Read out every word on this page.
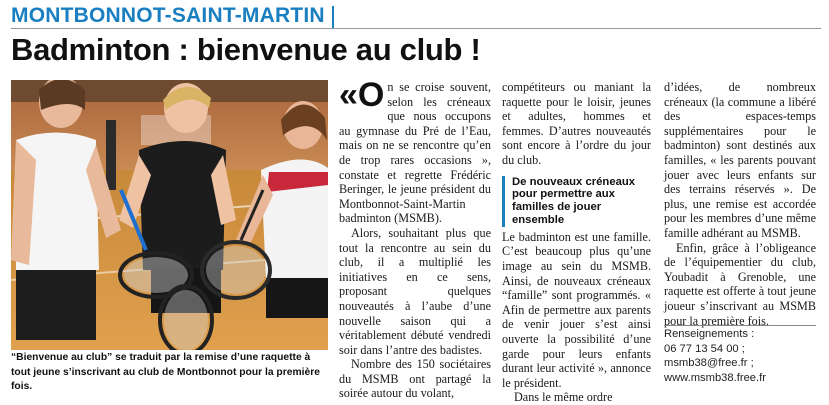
MONTBONNOT-SAINT-MARTIN
Badminton : bienvenue au club !
“Bienvenue au club” se traduit par la remise d’une raquette à tout jeune s’inscrivant au club de Montbonnot pour la première fois.

«On se croise souvent, selon les créneaux que nous occupons au gymnase du Pré de l’Eau, mais on ne se rencontre qu’en de trop rares occasions », constate et regrette Frédéric Beringer, le jeune président du Montbonnot-Saint-Martin badminton (MSMB).

Alors, souhaitant plus que tout la rencontre au sein du club, il a multiplié les initiatives en ce sens, proposant quelques nouveautés à l’aube d’une nouvelle saison qui a véritablement débuté vendredi soir dans l’antre des badistes.

Nombre des 150 sociétaires du MSMB ont partagé la soirée autour du volant,

compétiteurs ou maniant la raquette pour le loisir, jeunes et adultes, hommes et femmes. D’autres nouveautés sont encore à l’ordre du jour du club.

De nouveaux créneaux pour permettre aux familles de jouer ensemble

Le badminton est une famille. C’est beaucoup plus qu’une image au sein du MSMB. Ainsi, de nouveaux créneaux “famille” sont programmés. « Afin de permettre aux parents de venir jouer s’est ainsi ouverte la possibilité d’une garde pour leurs enfants durant leur activité », annonce le président.

Dans le même ordre

d’idées, de nombreux créneaux (la commune a libéré des espaces-temps supplémentaires pour le badminton) sont destinés aux familles, « les parents pouvant jouer avec leurs enfants sur des terrains réservés ». De plus, une remise est accordée pour les membres d’une même famille adhérant au MSMB.

Enfin, grâce à l’obligeance de l’équipementier du club, Youbadit à Grenoble, une raquette est offerte à tout jeune joueur s’inscrivant au MSMB pour la première fois.

Renseignements :
06 77 13 54 00 ;
msmb38@free.fr ;
www.msmb38.free.fr
